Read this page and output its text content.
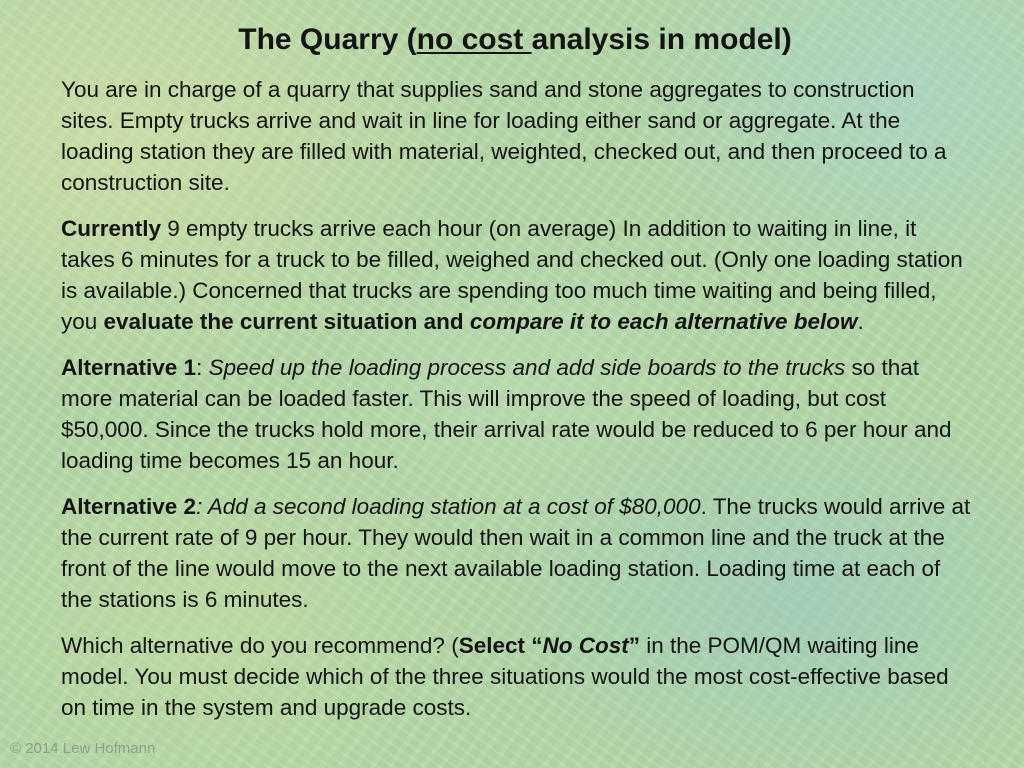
The Quarry (no cost analysis in model)

You are in charge of a quarry that supplies sand and stone aggregates to construction sites. Empty trucks arrive and wait in line for loading either sand or aggregate. At the loading station they are filled with material, weighted, checked out, and then proceed to a construction site.

Currently 9 empty trucks arrive each hour (on average) In addition to waiting in line, it takes 6 minutes for a truck to be filled, weighed and checked out. (Only one loading station is available.) Concerned that trucks are spending too much time waiting and being filled, you evaluate the current situation and compare it to each alternative below.

Alternative 1: Speed up the loading process and add side boards to the trucks so that more material can be loaded faster. This will improve the speed of loading, but cost $50,000. Since the trucks hold more, their arrival rate would be reduced to 6 per hour and loading time becomes 15 an hour.

Alternative 2: Add a second loading station at a cost of $80,000. The trucks would arrive at the current rate of 9 per hour. They would then wait in a common line and the truck at the front of the line would move to the next available loading station. Loading time at each of the stations is 6 minutes.

Which alternative do you recommend? (Select “No Cost” in the POM/QM waiting line model. You must decide which of the three situations would the most cost-effective based on time in the system and upgrade costs.

© 2014 Lew Hofmann
